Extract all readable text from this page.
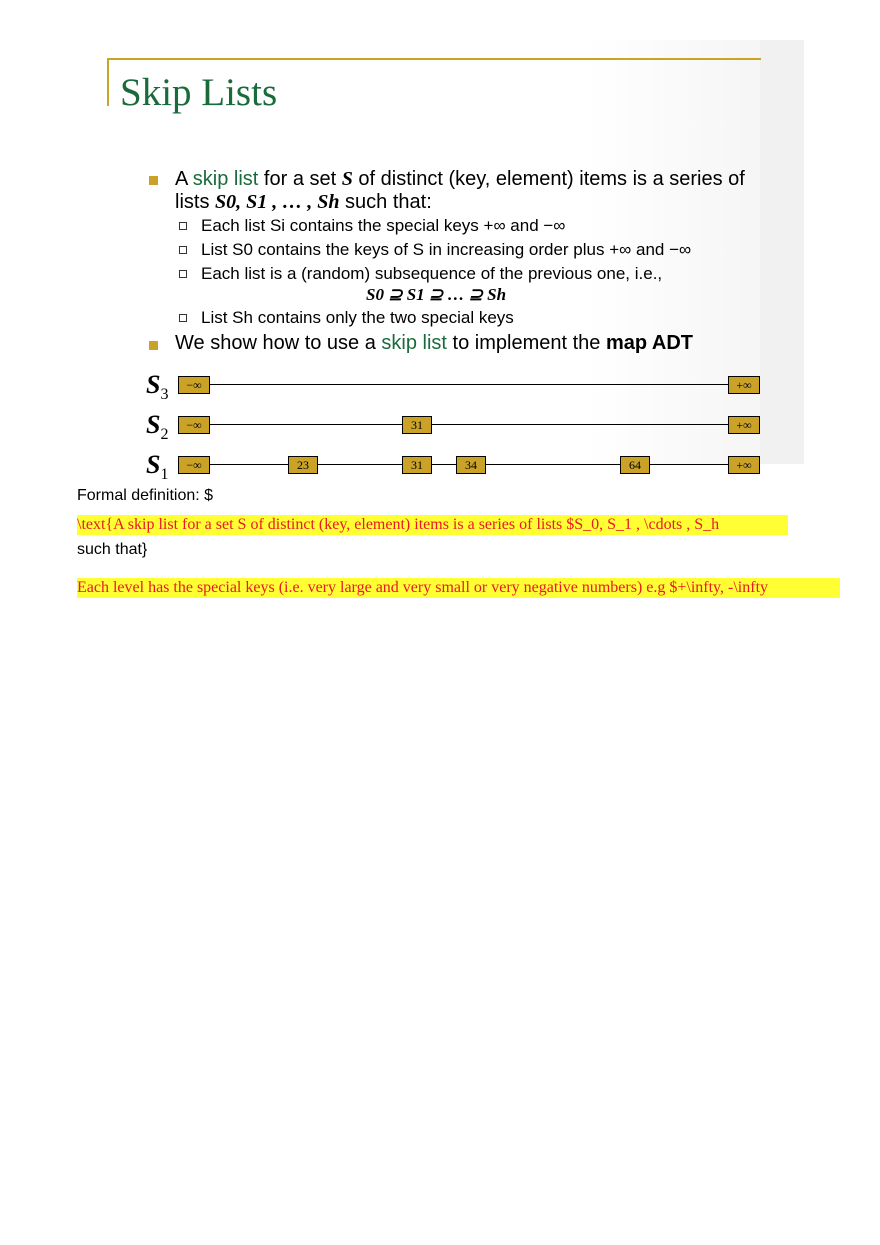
Skip Lists
A skip list for a set S of distinct (key, element) items is a series of
lists S0, S1 , … , Sh such that:
Each list Si contains the special keys +∞ and −∞
List S0 contains the keys of S in increasing order plus +∞ and −∞
Each list is a (random) subsequence of the previous one, i.e.,
S0 ⊇ S1 ⊇ … ⊇ Sh
List Sh contains only the two special keys
We show how to use a skip list to implement the map ADT
$S_3$
−∞	+∞
$S_2$
−∞	31	+∞
$S_1$
−∞	23	31	34	64	+∞
Formal definition: $
\text{A skip list for a set S of distinct (key, element) items is a series of lists $S_0, S_1 , \cdots , S_h
such that}
Each level has the special keys (i.e. very large and very small or very negative numbers) e.g $+\infty, -\infty
